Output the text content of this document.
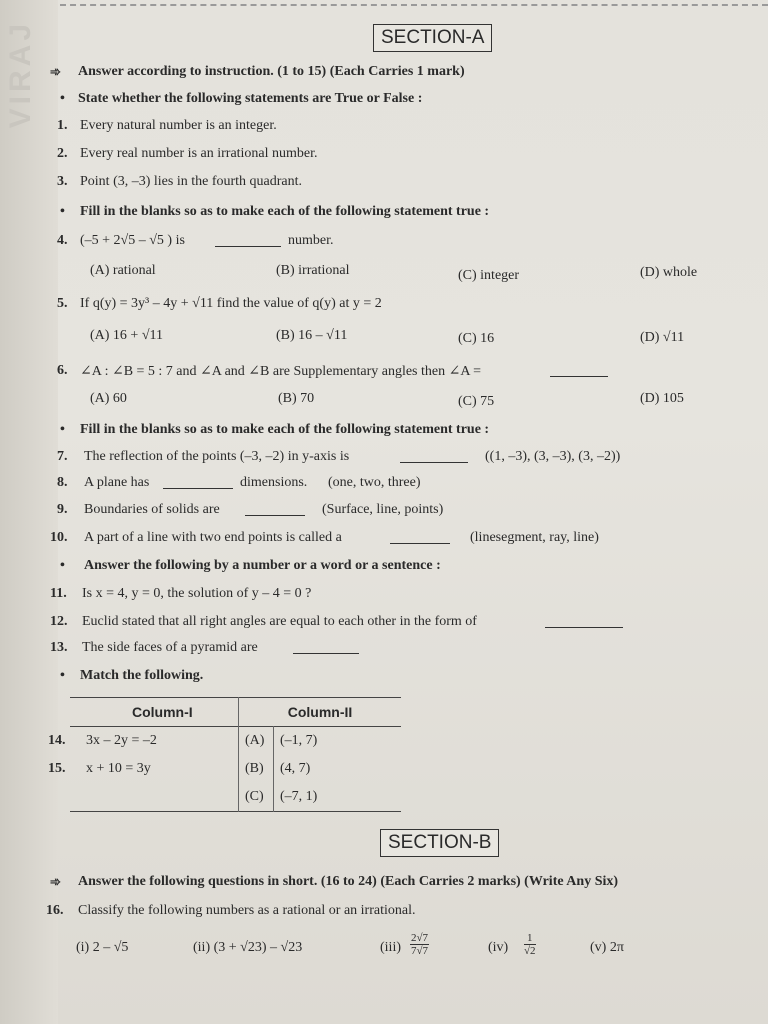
VIRAJ	SECTION-A
➾ Answer according to instruction. (1 to 15) (Each Carries 1 mark)
• State whether the following statements are True or False :
1. Every natural number is an integer.
2. Every real number is an irrational number.
3. Point (3, –3) lies in the fourth quadrant.
• Fill in the blanks so as to make each of the following statement true :
4. (–5 + 2√5 – √5 ) is	number.
(A) rational	(B) irrational	(C) integer	(D) whole
5. If q(y) = 3y³ – 4y + √11 find the value of q(y) at y = 2
(A) 16 + √11	(B) 16 – √11	(C) 16	(D) √11
6. ∠A : ∠B = 5 : 7 and ∠A and ∠B are Supplementary angles then ∠A =
(A) 60	(B) 70	(C) 75	(D) 105
• Fill in the blanks so as to make each of the following statement true :
7. The reflection of the points (–3, –2) in y-axis is	((1, –3), (3, –3), (3, –2))
8. A plane has	dimensions. (one, two, three)
9. Boundaries of solids are	(Surface, line, points)
10. A part of a line with two end points is called a	(linesegment, ray, line)
• Answer the following by a number or a word or a sentence :
11. Is x = 4, y = 0, the solution of y – 4 = 0 ?
12. Euclid stated that all right angles are equal to each other in the form of
13. The side faces of a pyramid are
• Match the following.
	Column-I	Column-II
14.	3x – 2y = –2	(A)	(–1, 7)
15.	x + 10 = 3y	(B)	(4, 7)
		(C)	(–7, 1)
SECTION-B
➾ Answer the following questions in short. (16 to 24) (Each Carries 2 marks) (Write Any Six)
16. Classify the following numbers as a rational or an irrational.
(i) 2 – √5	(ii) (3 + √23) – √23	$(iii) \frac{2√7}{7√7}$	$(iv) \frac{1}{√2}$	(v) 2π
